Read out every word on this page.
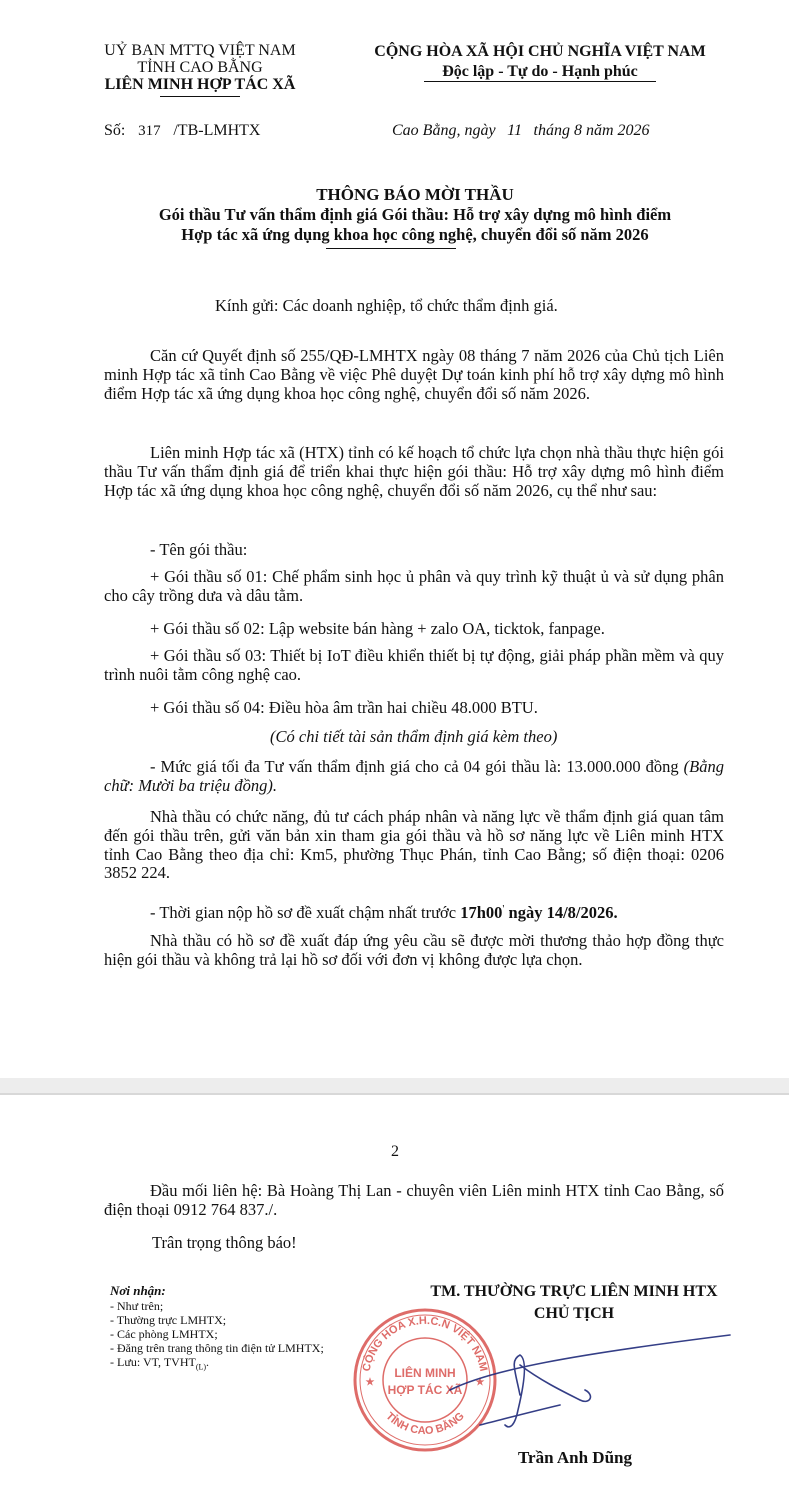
UỶ BAN MTTQ VIỆT NAM
TỈNH CAO BẰNG
LIÊN MINH HỢP TÁC XÃ
CỘNG HÒA XÃ HỘI CHỦ NGHĨA VIỆT NAM
Độc lập - Tự do - Hạnh phúc
Số: 317 /TB-LMHTX	Cao Bằng, ngày 11 tháng 8 năm 2026
THÔNG BÁO MỜI THẦU
Gói thầu Tư vấn thẩm định giá Gói thầu: Hỗ trợ xây dựng mô hình điểm
Hợp tác xã ứng dụng khoa học công nghệ, chuyển đổi số năm 2026
Kính gửi: Các doanh nghiệp, tổ chức thẩm định giá.
Căn cứ Quyết định số 255/QĐ-LMHTX ngày 08 tháng 7 năm 2026 của Chủ tịch Liên minh Hợp tác xã tỉnh Cao Bằng về việc Phê duyệt Dự toán kinh phí hỗ trợ xây dựng mô hình điểm Hợp tác xã ứng dụng khoa học công nghệ, chuyển đổi số năm 2026.
Liên minh Hợp tác xã (HTX) tỉnh có kế hoạch tổ chức lựa chọn nhà thầu thực hiện gói thầu Tư vấn thẩm định giá để triển khai thực hiện gói thầu: Hỗ trợ xây dựng mô hình điểm Hợp tác xã ứng dụng khoa học công nghệ, chuyển đổi số năm 2026, cụ thể như sau:
- Tên gói thầu:
+ Gói thầu số 01: Chế phẩm sinh học ủ phân và quy trình kỹ thuật ủ và sử dụng phân cho cây trồng dưa và dâu tằm.
+ Gói thầu số 02: Lập website bán hàng + zalo OA, ticktok, fanpage.
+ Gói thầu số 03: Thiết bị IoT điều khiển thiết bị tự động, giải pháp phần mềm và quy trình nuôi tằm công nghệ cao.
+ Gói thầu số 04: Điều hòa âm trần hai chiều 48.000 BTU.
(Có chi tiết tài sản thẩm định giá kèm theo)
- Mức giá tối đa Tư vấn thẩm định giá cho cả 04 gói thầu là: 13.000.000 đồng (Bằng chữ: Mười ba triệu đồng).
Nhà thầu có chức năng, đủ tư cách pháp nhân và năng lực về thẩm định giá quan tâm đến gói thầu trên, gửi văn bản xin tham gia gói thầu và hồ sơ năng lực về Liên minh HTX tỉnh Cao Bằng theo địa chỉ: Km5, phường Thục Phán, tỉnh Cao Bằng; số điện thoại: 0206 3852 224.
- Thời gian nộp hồ sơ đề xuất chậm nhất trước 17h00' ngày 14/8/2026.
Nhà thầu có hồ sơ đề xuất đáp ứng yêu cầu sẽ được mời thương thảo hợp đồng thực hiện gói thầu và không trả lại hồ sơ đối với đơn vị không được lựa chọn.
2
Đầu mối liên hệ: Bà Hoàng Thị Lan - chuyên viên Liên minh HTX tỉnh Cao Bằng, số điện thoại 0912 764 837./.
Trân trọng thông báo!
Nơi nhận:
- Như trên;
- Thường trực LMHTX;
- Các phòng LMHTX;
- Đăng trên trang thông tin điện tử LMHTX;
- Lưu: VT, $TVHT_{(L)}$.
TM. THƯỜNG TRỰC LIÊN MINH HTX
CHỦ TỊCH
CỘNG HÒA X.H.C.N VIỆT NAM
TỈNH CAO BẰNG
LIÊN MINH
HỢP TÁC XÃ
★	★
Trần Anh Dũng
